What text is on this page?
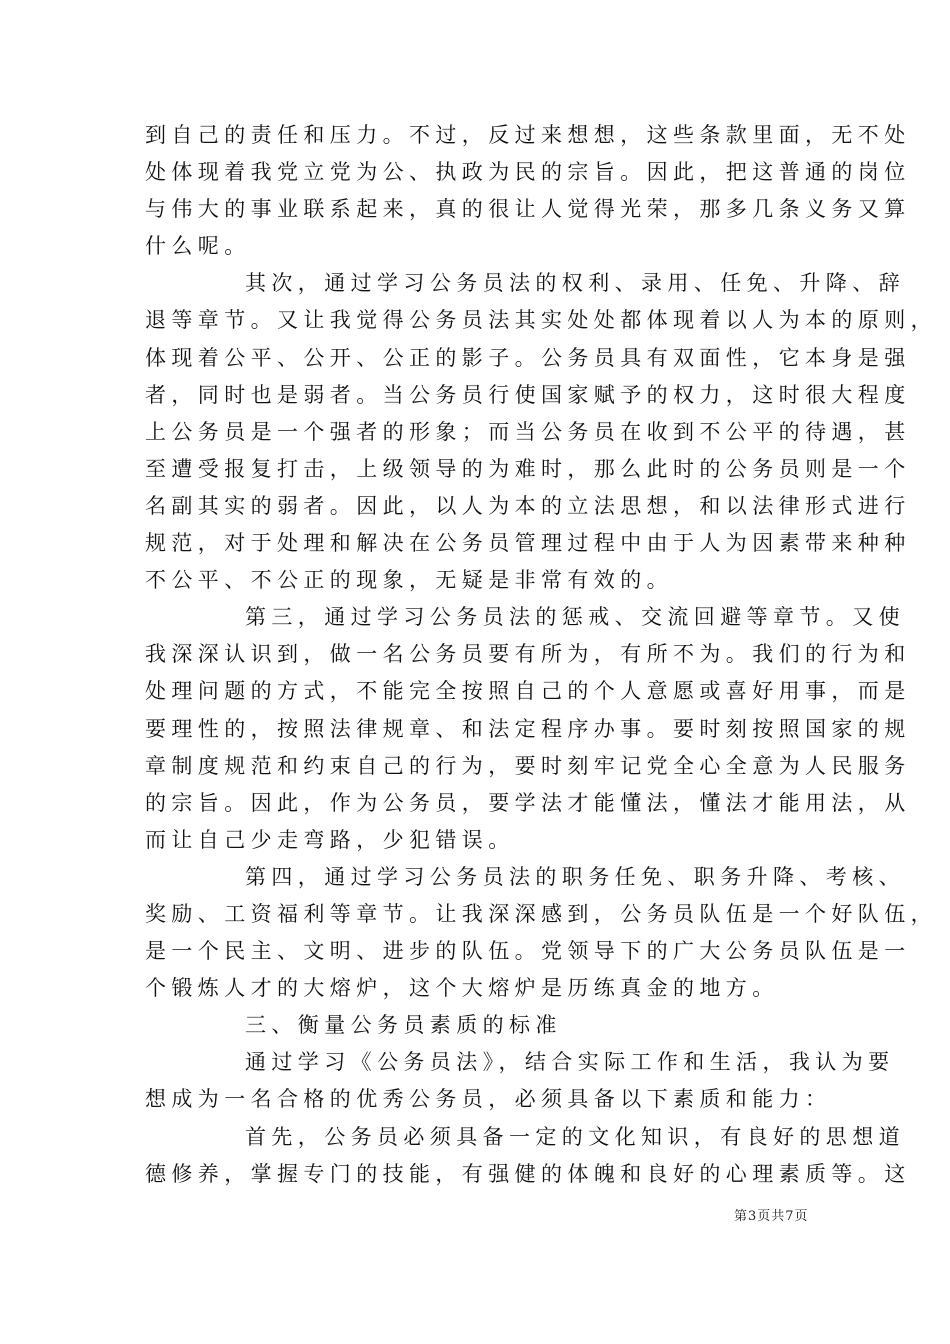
到自己的责任和压力。不过，反过来想想，这些条款里面，无不处
处体现着我党立党为公、执政为民的宗旨。因此，把这普通的岗位
与伟大的事业联系起来，真的很让人觉得光荣，那多几条义务又算
什么呢。
其次，通过学习公务员法的权利、录用、任免、升降、辞
退等章节。又让我觉得公务员法其实处处都体现着以人为本的原则，
体现着公平、公开、公正的影子。公务员具有双面性，它本身是强
者，同时也是弱者。当公务员行使国家赋予的权力，这时很大程度
上公务员是一个强者的形象；而当公务员在收到不公平的待遇，甚
至遭受报复打击，上级领导的为难时，那么此时的公务员则是一个
名副其实的弱者。因此，以人为本的立法思想，和以法律形式进行
规范，对于处理和解决在公务员管理过程中由于人为因素带来种种
不公平、不公正的现象，无疑是非常有效的。
第三，通过学习公务员法的惩戒、交流回避等章节。又使
我深深认识到，做一名公务员要有所为，有所不为。我们的行为和
处理问题的方式，不能完全按照自己的个人意愿或喜好用事，而是
要理性的，按照法律规章、和法定程序办事。要时刻按照国家的规
章制度规范和约束自己的行为，要时刻牢记党全心全意为人民服务
的宗旨。因此，作为公务员，要学法才能懂法，懂法才能用法，从
而让自己少走弯路，少犯错误。
第四，通过学习公务员法的职务任免、职务升降、考核、
奖励、工资福利等章节。让我深深感到，公务员队伍是一个好队伍，
是一个民主、文明、进步的队伍。党领导下的广大公务员队伍是一
个锻炼人才的大熔炉，这个大熔炉是历练真金的地方。
三、衡量公务员素质的标准
通过学习《公务员法》，结合实际工作和生活，我认为要
想成为一名合格的优秀公务员，必须具备以下素质和能力：
首先，公务员必须具备一定的文化知识，有良好的思想道
德修养，掌握专门的技能，有强健的体魄和良好的心理素质等。这
第3页共7页
